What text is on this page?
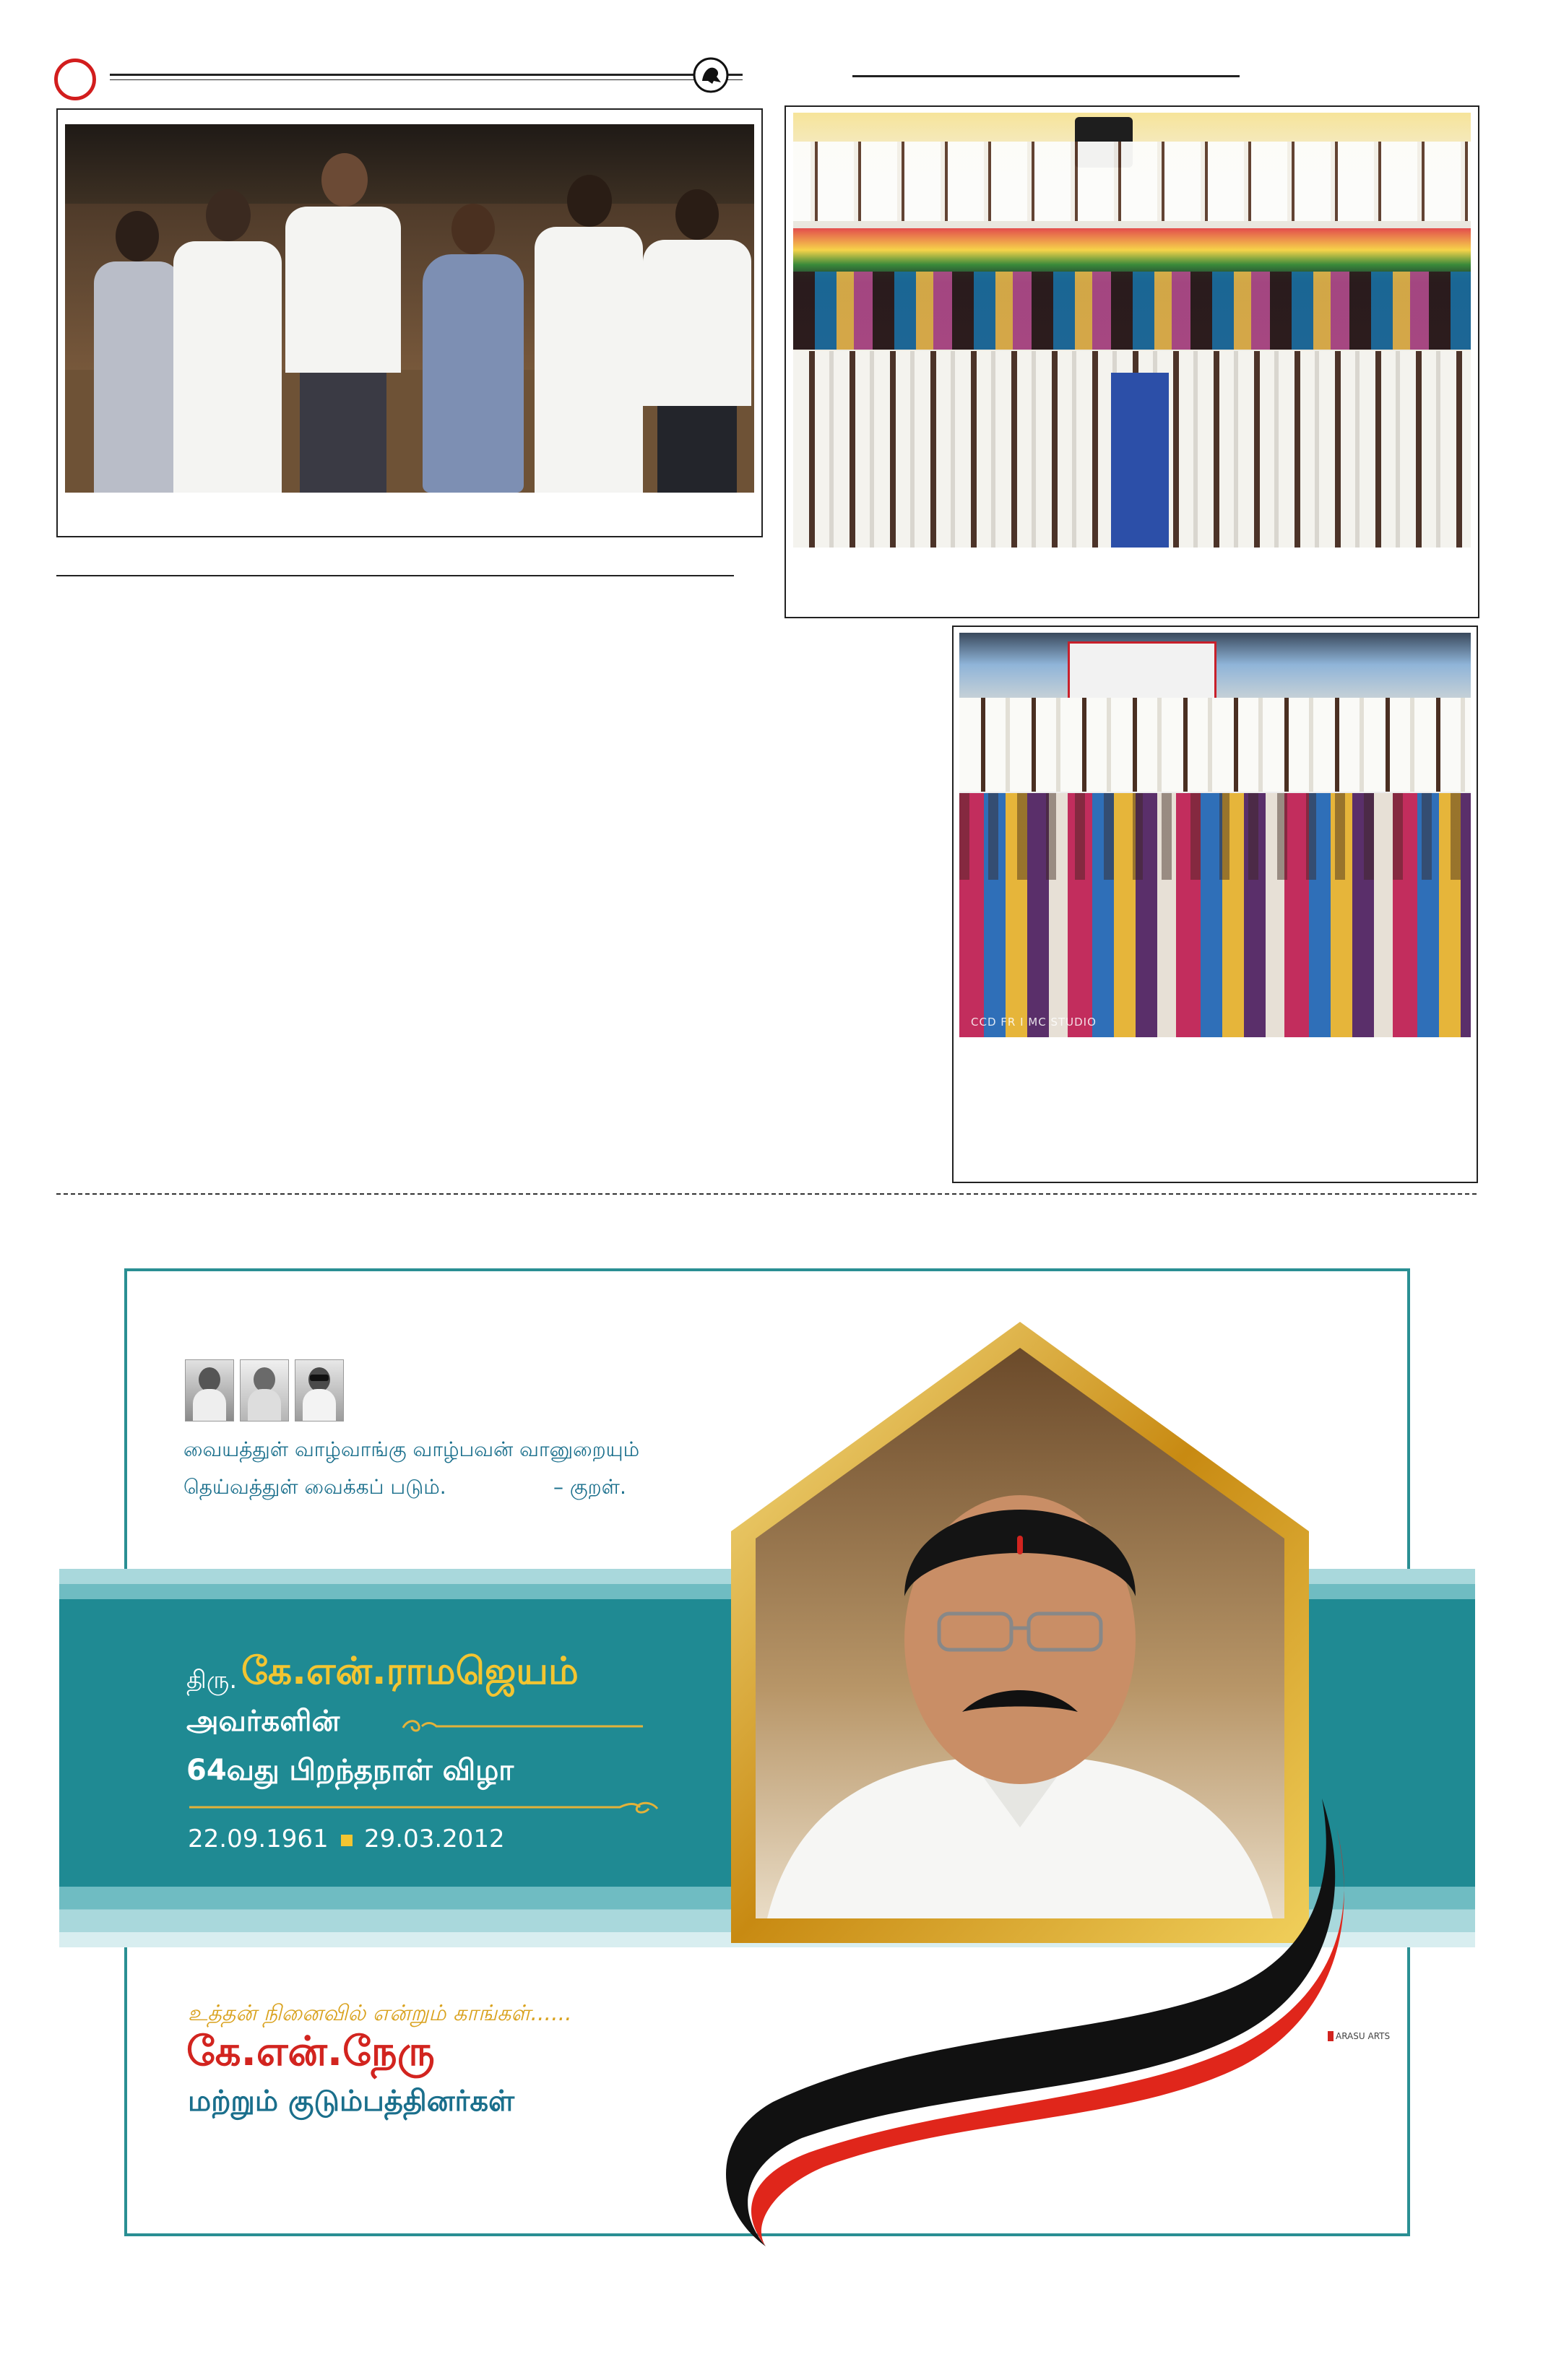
CCD FR I MC STUDIO
வையத்துள் வாழ்வாங்கு வாழ்பவன் வானுறையும்
தெய்வத்துள் வைக்கப் படும்.	– குறள்.
திரு. கே.என்.ராமஜெயம்
அவர்களின்
64வது பிறந்தநாள் விழா
22.09.1961 29.03.2012
ARASU ARTS
உத்தன் நினைவில் என்றும் காங்கள்......
கே.என்.நேரு
மற்றும் குடும்பத்தினர்கள்
